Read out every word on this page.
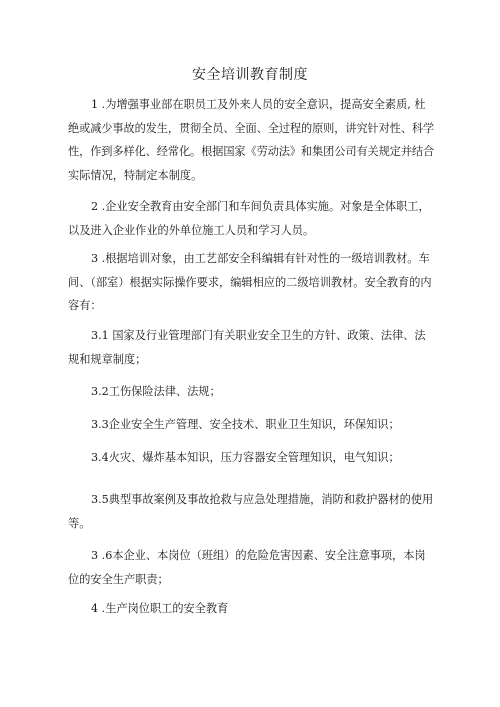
安全培训教育制度
1 .为增强事业部在职员工及外来人员的安全意识，提高安全素质, 杜
绝或减少事故的发生，贯彻全员、全面、全过程的原则，讲究针对性、科学
性，作到多样化、经常化。根据国家《劳动法》和集团公司有关规定并结合
实际情况，特制定本制度。
2 .企业安全教育由安全部门和车间负责具体实施。对象是全体职工，
以及进入企业作业的外单位施工人员和学习人员。
3 .根据培训对象，由工艺部安全科编辑有针对性的一级培训教材。车
间、（部室）根据实际操作要求，编辑相应的二级培训教材。安全教育的内
容有：
3.1 国家及行业管理部门有关职业安全卫生的方针、政策、法律、法
规和规章制度；
3.2工伤保险法律、法规；
3.3企业安全生产管理、安全技术、职业卫生知识，环保知识；
3.4火灾、爆炸基本知识，压力容器安全管理知识，电气知识；
3.5典型事故案例及事故抢救与应急处理措施，消防和救护器材的使用
等。
3 .6本企业、本岗位（班组）的危险危害因素、安全注意事项，本岗
位的安全生产职责；
4 .生产岗位职工的安全教育
